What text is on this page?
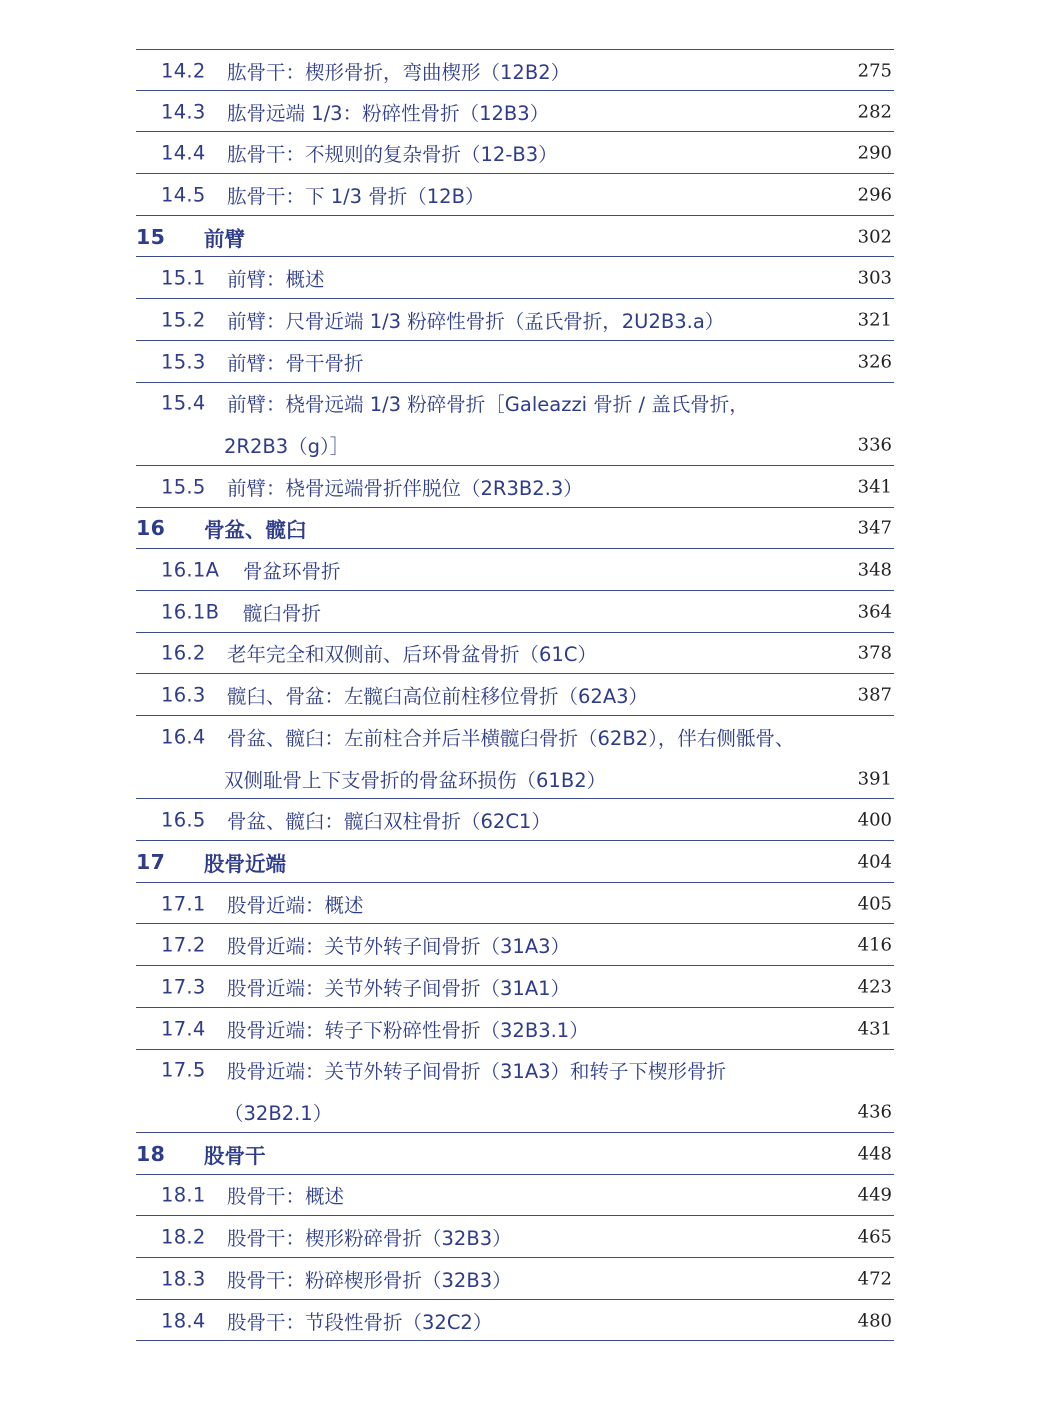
14.2 肱骨干：楔形骨折，弯曲楔形（12B2）	275
14.3 肱骨远端 1/3：粉碎性骨折（12B3）	282
14.4 肱骨干：不规则的复杂骨折（12-B3）	290
14.5 肱骨干：下 1/3 骨折（12B）	296
15 前臂	302
15.1 前臂：概述	303
15.2 前臂：尺骨近端 1/3 粉碎性骨折（孟氏骨折，2U2B3.a）	321
15.3 前臂：骨干骨折	326
15.4 前臂：桡骨远端 1/3 粉碎骨折［Galeazzi 骨折 / 盖氏骨折，
2R2B3（g）］	336
15.5 前臂：桡骨远端骨折伴脱位（2R3B2.3）	341
16 骨盆、髋臼	347
16.1A 骨盆环骨折	348
16.1B 髋臼骨折	364
16.2 老年完全和双侧前、后环骨盆骨折（61C）	378
16.3 髋臼、骨盆：左髋臼高位前柱移位骨折（62A3）	387
16.4 骨盆、髋臼：左前柱合并后半横髋臼骨折（62B2），伴右侧骶骨、
双侧耻骨上下支骨折的骨盆环损伤（61B2）	391
16.5 骨盆、髋臼：髋臼双柱骨折（62C1）	400
17 股骨近端	404
17.1 股骨近端：概述	405
17.2 股骨近端：关节外转子间骨折（31A3）	416
17.3 股骨近端：关节外转子间骨折（31A1）	423
17.4 股骨近端：转子下粉碎性骨折（32B3.1）	431
17.5 股骨近端：关节外转子间骨折（31A3）和转子下楔形骨折
（32B2.1）	436
18 股骨干	448
18.1 股骨干：概述	449
18.2 股骨干：楔形粉碎骨折（32B3）	465
18.3 股骨干：粉碎楔形骨折（32B3）	472
18.4 股骨干：节段性骨折（32C2）	480
